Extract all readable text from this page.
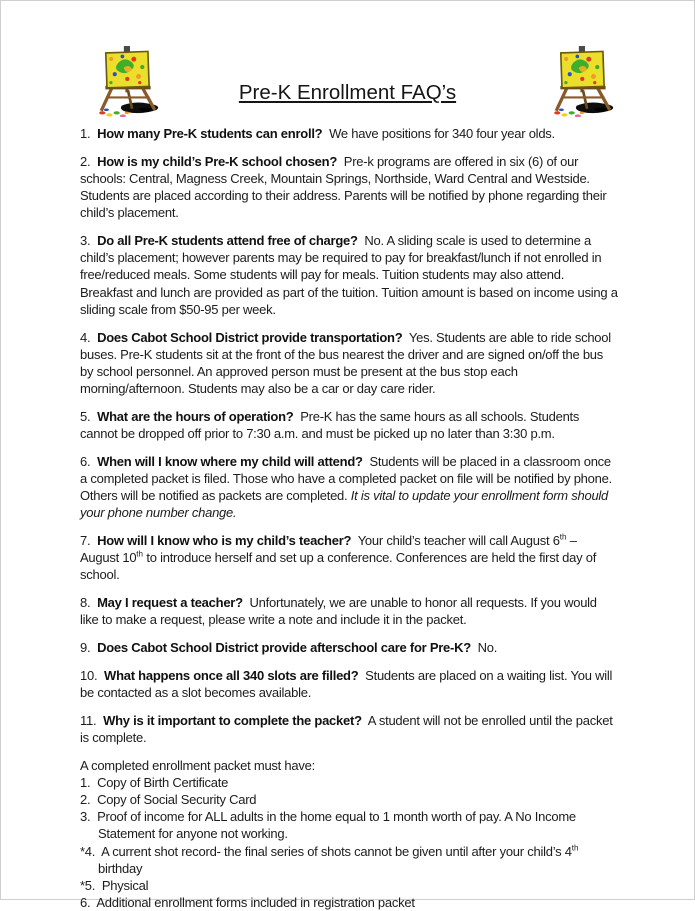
Pre-K Enrollment FAQ’s

1.  How many Pre-K students can enroll?  We have positions for 340 four year olds.

2.  How is my child’s Pre-K school chosen?  Pre-k programs are offered in six (6) of our schools: Central, Magness Creek, Mountain Springs, Northside, Ward Central and Westside. Students are placed according to their address. Parents will be notified by phone regarding their child’s placement.

3.  Do all Pre-K students attend free of charge?  No. A sliding scale is used to determine a child’s placement; however parents may be required to pay for breakfast/lunch if not enrolled in free/reduced meals. Some students will pay for meals. Tuition students may also attend. Breakfast and lunch are provided as part of the tuition. Tuition amount is based on income using a sliding scale from $50-95 per week.

4.  Does Cabot School District provide transportation?  Yes. Students are able to ride school buses. Pre-K students sit at the front of the bus nearest the driver and are signed on/off the bus by school personnel. An approved person must be present at the bus stop each morning/afternoon. Students may also be a car or day care rider.

5.  What are the hours of operation?  Pre-K has the same hours as all schools. Students cannot be dropped off prior to 7:30 a.m. and must be picked up no later than 3:30 p.m.

6.  When will I know where my child will attend?  Students will be placed in a classroom once a completed packet is filed. Those who have a completed packet on file will be notified by phone. Others will be notified as packets are completed. It is vital to update your enrollment form should your phone number change.

7.  How will I know who is my child’s teacher?  Your child’s teacher will call August 6th – August 10th to introduce herself and set up a conference. Conferences are held the first day of school.

8.  May I request a teacher?  Unfortunately, we are unable to honor all requests. If you would like to make a request, please write a note and include it in the packet.

9.  Does Cabot School District provide afterschool care for Pre-K?  No.

10.  What happens once all 340 slots are filled?  Students are placed on a waiting list. You will be contacted as a slot becomes available.

11.  Why is it important to complete the packet?  A student will not be enrolled until the packet is complete.

A completed enrollment packet must have:

1.  Copy of Birth Certificate
2.  Copy of Social Security Card
3.  Proof of income for ALL adults in the home equal to 1 month worth of pay. A No Income Statement for anyone not working.
*4.  A current shot record- the final series of shots cannot be given until after your child’s 4th birthday
*5.  Physical
6.  Additional enrollment forms included in registration packet
